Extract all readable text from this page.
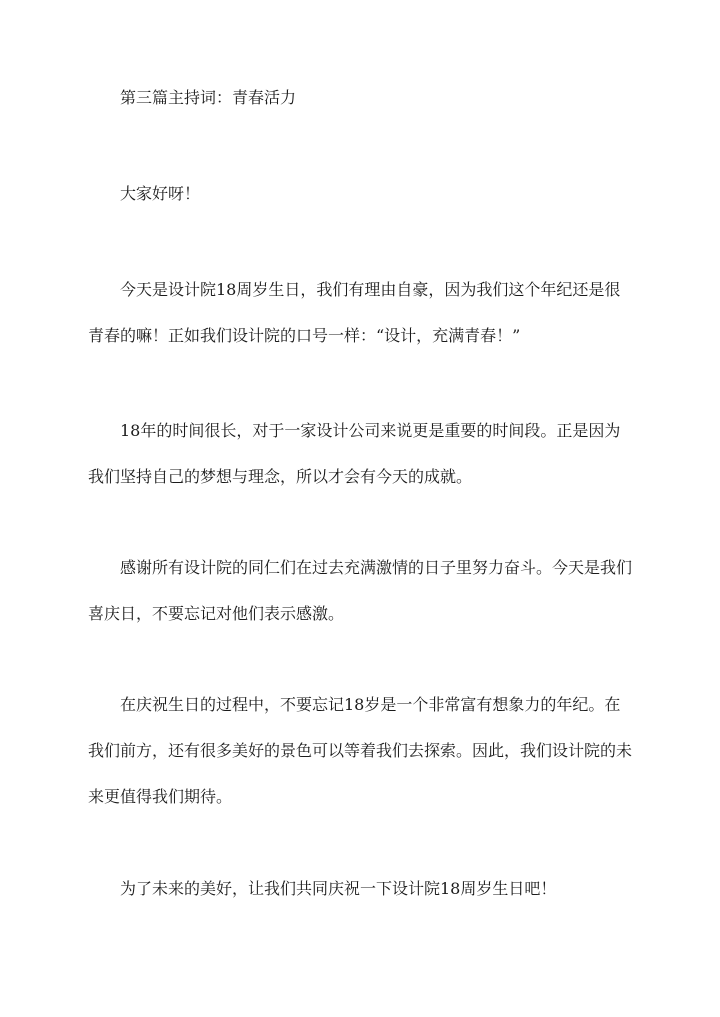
第三篇主持词：青春活力

大家好呀！

今天是设计院18周岁生日，我们有理由自豪，因为我们这个年纪还是很青春的嘛！正如我们设计院的口号一样：“设计，充满青春！”

18年的时间很长，对于一家设计公司来说更是重要的时间段。正是因为我们坚持自己的梦想与理念，所以才会有今天的成就。

感谢所有设计院的同仁们在过去充满激情的日子里努力奋斗。今天是我们喜庆日，不要忘记对他们表示感激。

在庆祝生日的过程中，不要忘记18岁是一个非常富有想象力的年纪。在我们前方，还有很多美好的景色可以等着我们去探索。因此，我们设计院的未来更值得我们期待。

为了未来的美好，让我们共同庆祝一下设计院18周岁生日吧！
